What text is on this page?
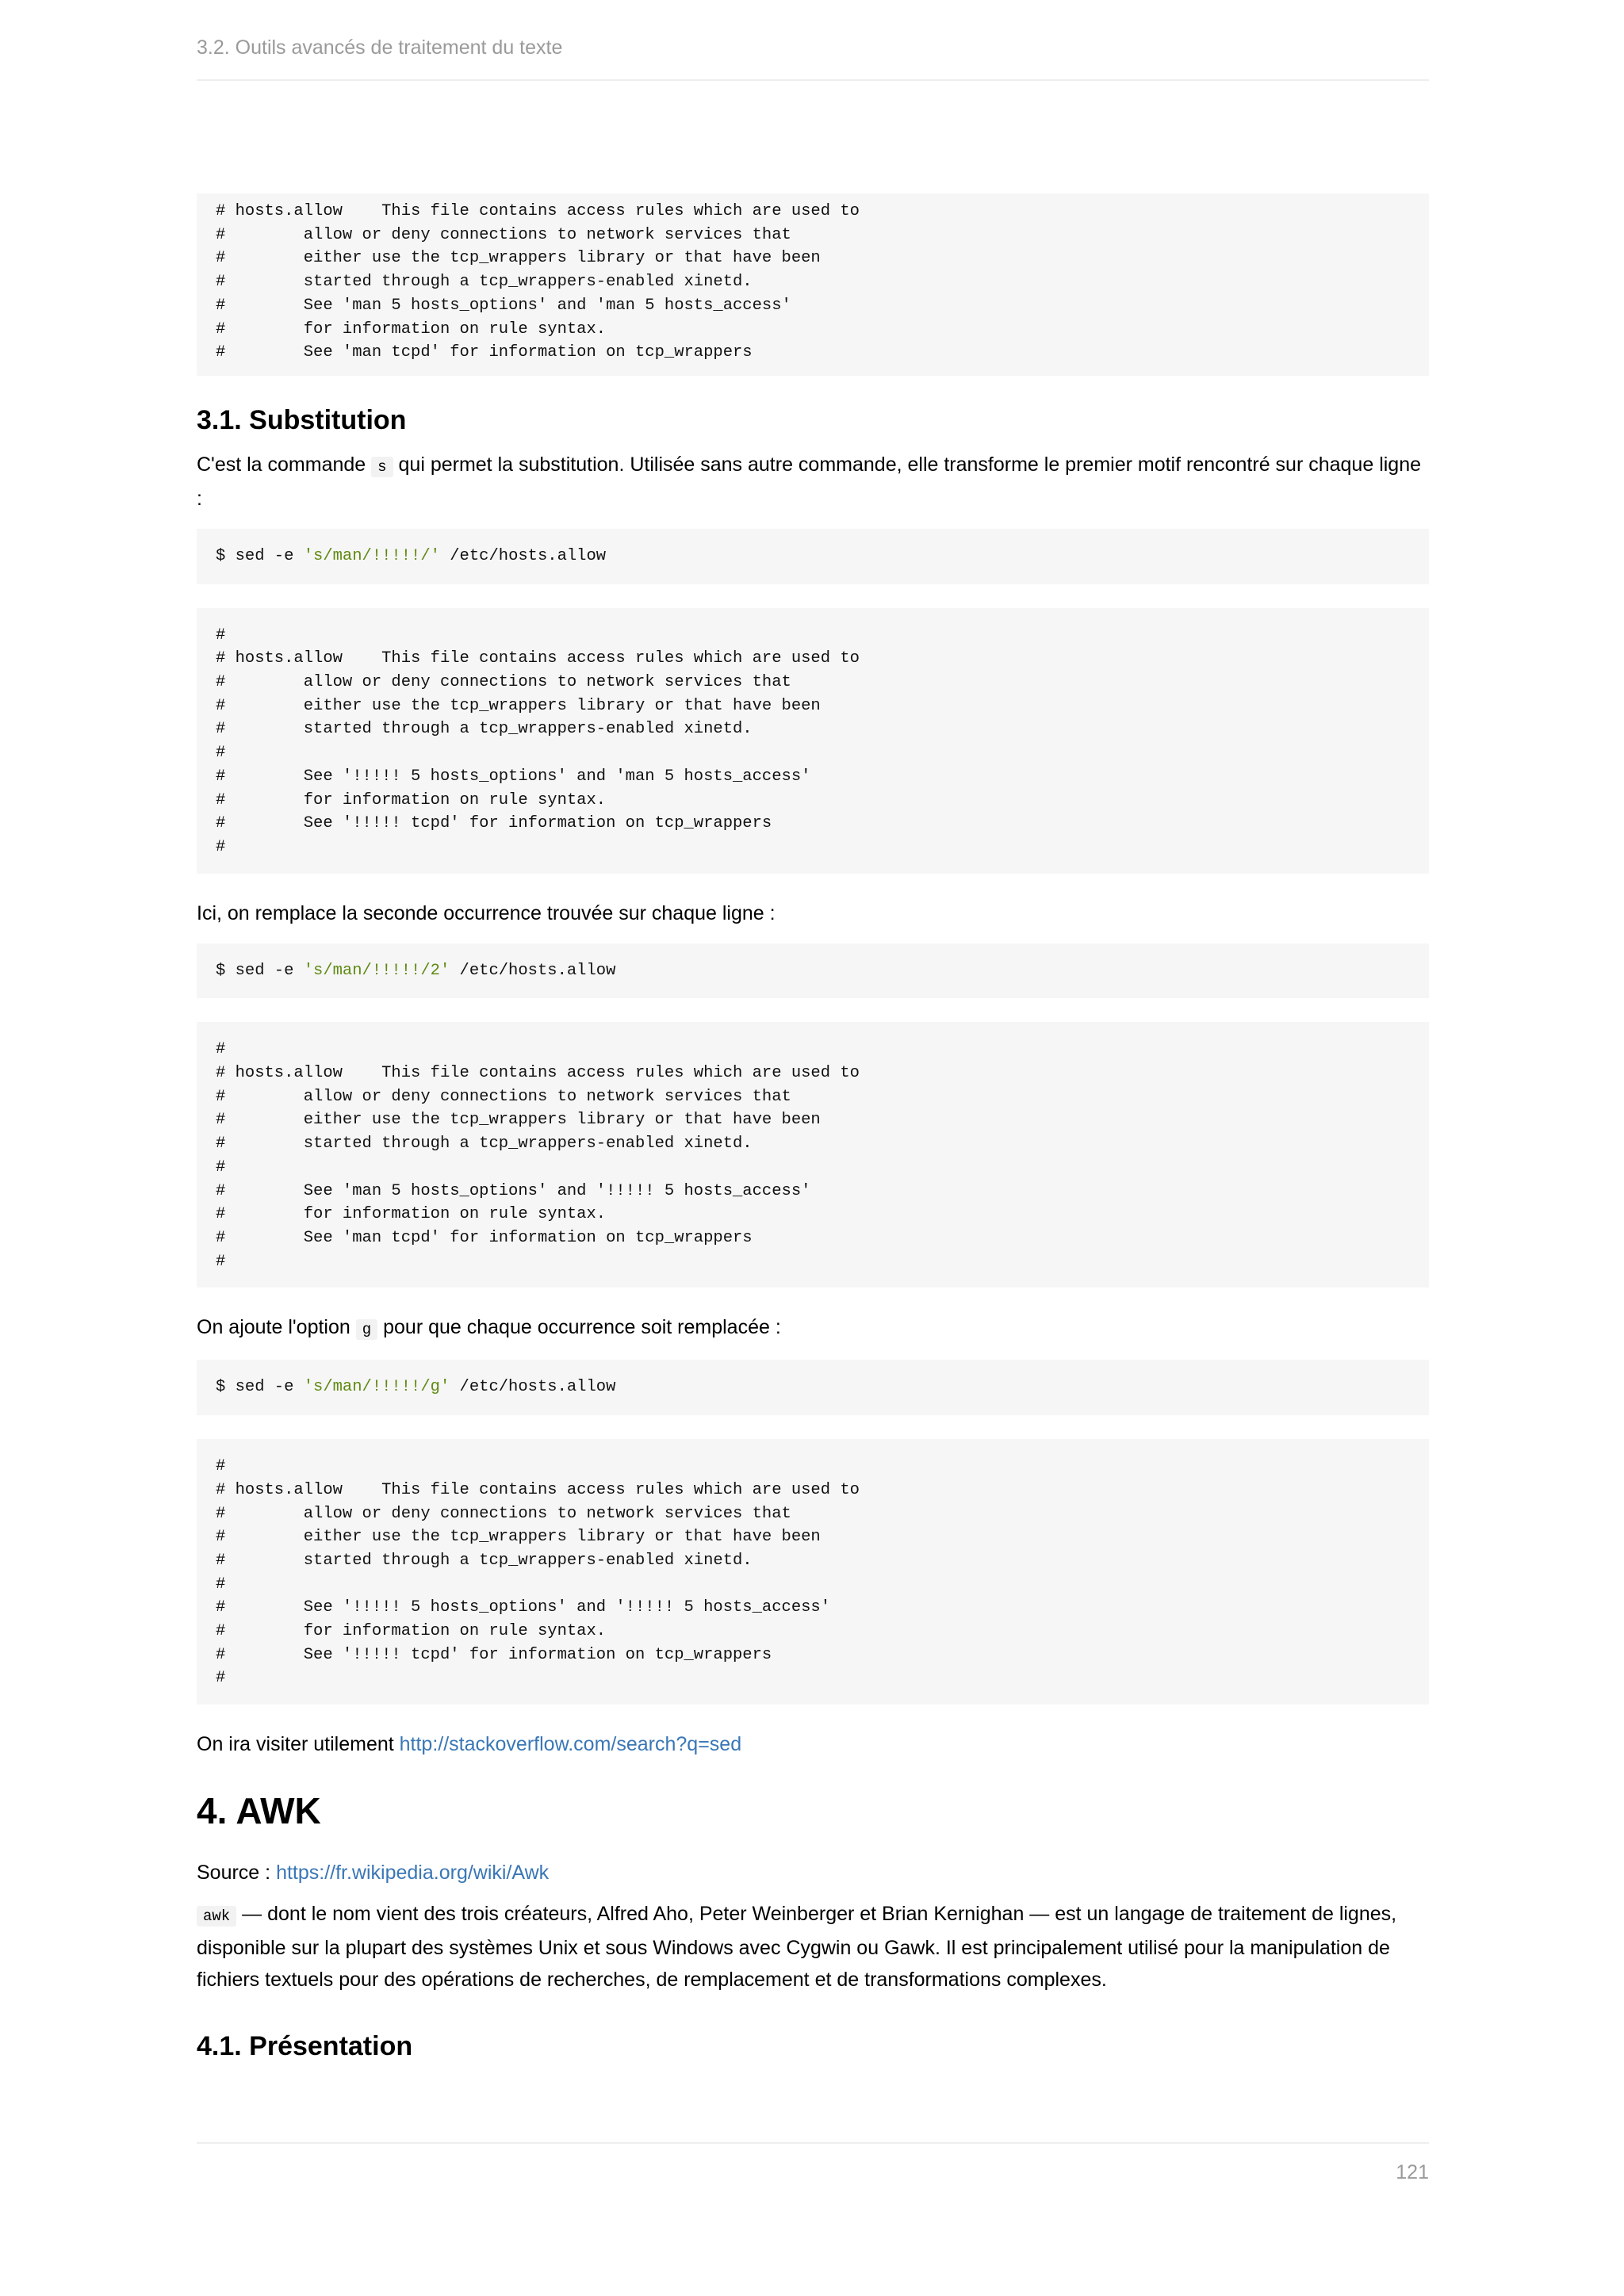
3.2. Outils avancés de traitement du texte
# hosts.allow    This file contains access rules which are used to
#        allow or deny connections to network services that
#        either use the tcp_wrappers library or that have been
#        started through a tcp_wrappers-enabled xinetd.
#        See 'man 5 hosts_options' and 'man 5 hosts_access'
#        for information on rule syntax.
#        See 'man tcpd' for information on tcp_wrappers
3.1. Substitution

C'est la commande s qui permet la substitution. Utilisée sans autre commande, elle transforme le premier motif rencontré sur chaque ligne :

$ sed -e 's/man/!!!!!/' /etc/hosts.allow
#
# hosts.allow    This file contains access rules which are used to
#        allow or deny connections to network services that
#        either use the tcp_wrappers library or that have been
#        started through a tcp_wrappers-enabled xinetd.
#
#        See '!!!!! 5 hosts_options' and 'man 5 hosts_access'
#        for information on rule syntax.
#        See '!!!!! tcpd' for information on tcp_wrappers
#

Ici, on remplace la seconde occurrence trouvée sur chaque ligne :

$ sed -e 's/man/!!!!!/2' /etc/hosts.allow
#
# hosts.allow    This file contains access rules which are used to
#        allow or deny connections to network services that
#        either use the tcp_wrappers library or that have been
#        started through a tcp_wrappers-enabled xinetd.
#
#        See 'man 5 hosts_options' and '!!!!! 5 hosts_access'
#        for information on rule syntax.
#        See 'man tcpd' for information on tcp_wrappers
#

On ajoute l'option g pour que chaque occurrence soit remplacée :

$ sed -e 's/man/!!!!!/g' /etc/hosts.allow
#
# hosts.allow    This file contains access rules which are used to
#        allow or deny connections to network services that
#        either use the tcp_wrappers library or that have been
#        started through a tcp_wrappers-enabled xinetd.
#
#        See '!!!!! 5 hosts_options' and '!!!!! 5 hosts_access'
#        for information on rule syntax.
#        See '!!!!! tcpd' for information on tcp_wrappers
#

On ira visiter utilement http://stackoverflow.com/search?q=sed

4. AWK

Source : https://fr.wikipedia.org/wiki/Awk

awk — dont le nom vient des trois créateurs, Alfred Aho, Peter Weinberger et Brian Kernighan — est un langage de traitement de lignes, disponible sur la plupart des systèmes Unix et sous Windows avec Cygwin ou Gawk. Il est principalement utilisé pour la manipulation de fichiers textuels pour des opérations de recherches, de remplacement et de transformations complexes.

4.1. Présentation
121
